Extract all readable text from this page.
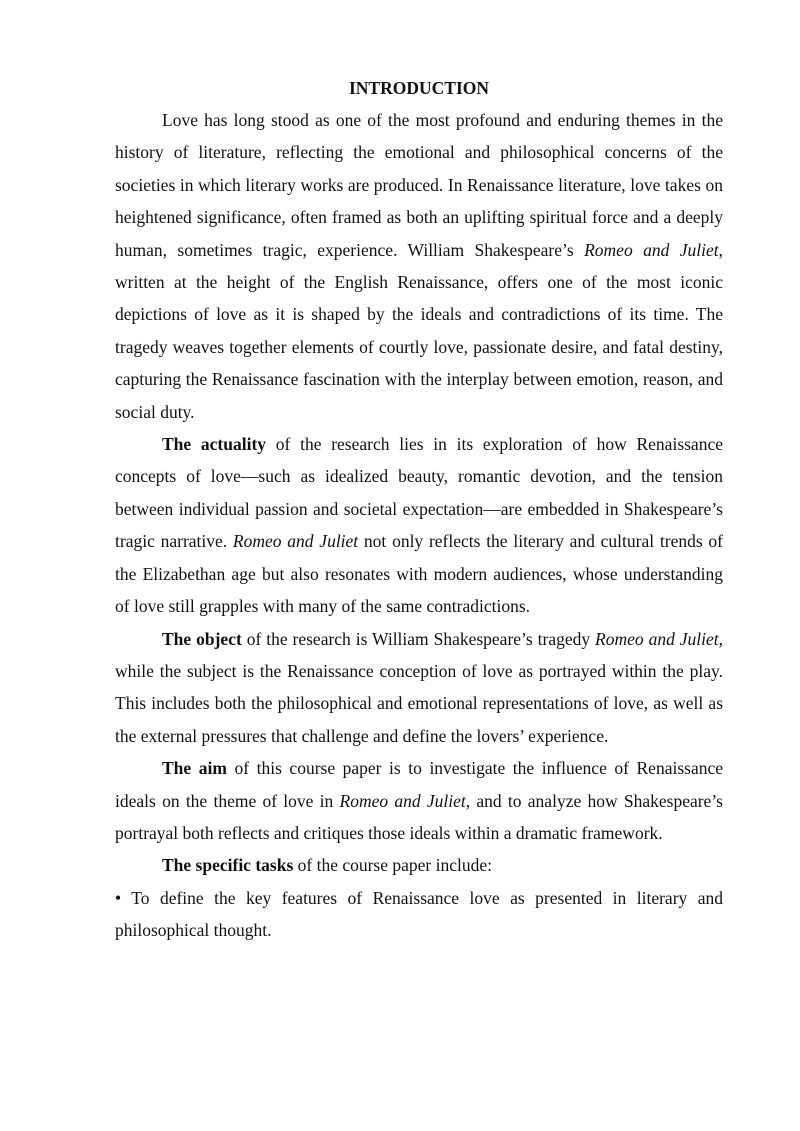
INTRODUCTION

Love has long stood as one of the most profound and enduring themes in the history of literature, reflecting the emotional and philosophical concerns of the societies in which literary works are produced. In Renaissance literature, love takes on heightened significance, often framed as both an uplifting spiritual force and a deeply human, sometimes tragic, experience. William Shakespeare’s Romeo and Juliet, written at the height of the English Renaissance, offers one of the most iconic depictions of love as it is shaped by the ideals and contradictions of its time. The tragedy weaves together elements of courtly love, passionate desire, and fatal destiny, capturing the Renaissance fascination with the interplay between emotion, reason, and social duty.

The actuality of the research lies in its exploration of how Renaissance concepts of love—such as idealized beauty, romantic devotion, and the tension between individual passion and societal expectation—are embedded in Shakespeare’s tragic narrative. Romeo and Juliet not only reflects the literary and cultural trends of the Elizabethan age but also resonates with modern audiences, whose understanding of love still grapples with many of the same contradictions.

The object of the research is William Shakespeare’s tragedy Romeo and Juliet, while the subject is the Renaissance conception of love as portrayed within the play. This includes both the philosophical and emotional representations of love, as well as the external pressures that challenge and define the lovers’ experience.

The aim of this course paper is to investigate the influence of Renaissance ideals on the theme of love in Romeo and Juliet, and to analyze how Shakespeare’s portrayal both reflects and critiques those ideals within a dramatic framework.

The specific tasks of the course paper include:

• To define the key features of Renaissance love as presented in literary and philosophical thought.
